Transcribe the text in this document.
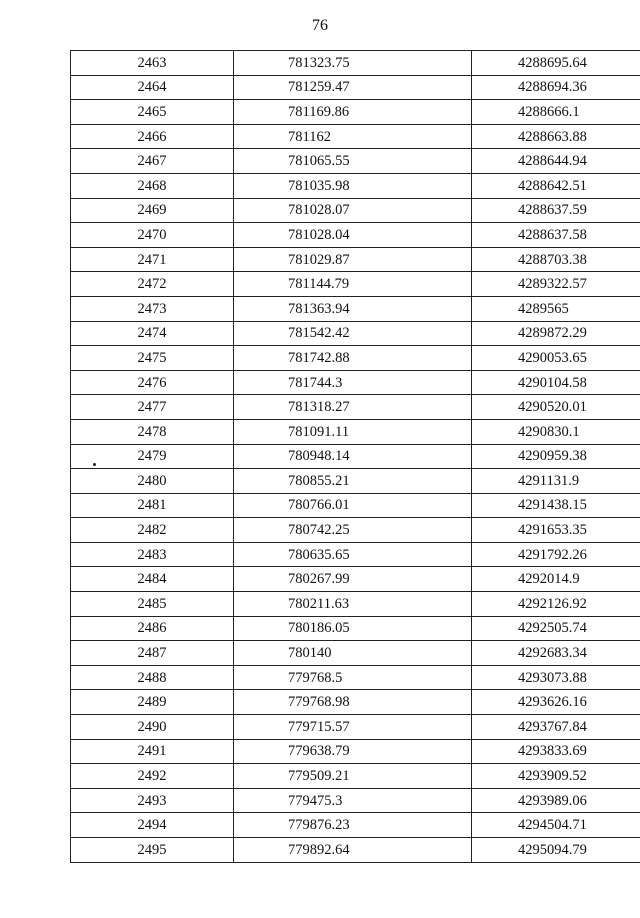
76
2463	781323.75	4288695.64	
2464	781259.47	4288694.36	
2465	781169.86	4288666.1	
2466	781162	4288663.88	
2467	781065.55	4288644.94	
2468	781035.98	4288642.51	
2469	781028.07	4288637.59	
2470	781028.04	4288637.58	
2471	781029.87	4288703.38	
2472	781144.79	4289322.57	
2473	781363.94	4289565	
2474	781542.42	4289872.29	
2475	781742.88	4290053.65	
2476	781744.3	4290104.58	
2477	781318.27	4290520.01	
2478	781091.11	4290830.1	
2479	780948.14	4290959.38	
2480	780855.21	4291131.9	
2481	780766.01	4291438.15	
2482	780742.25	4291653.35	
2483	780635.65	4291792.26	
2484	780267.99	4292014.9	
2485	780211.63	4292126.92	
2486	780186.05	4292505.74	
2487	780140	4292683.34	
2488	779768.5	4293073.88	
2489	779768.98	4293626.16	
2490	779715.57	4293767.84	
2491	779638.79	4293833.69	
2492	779509.21	4293909.52	
2493	779475.3	4293989.06	
2494	779876.23	4294504.71	
2495	779892.64	4295094.79	
